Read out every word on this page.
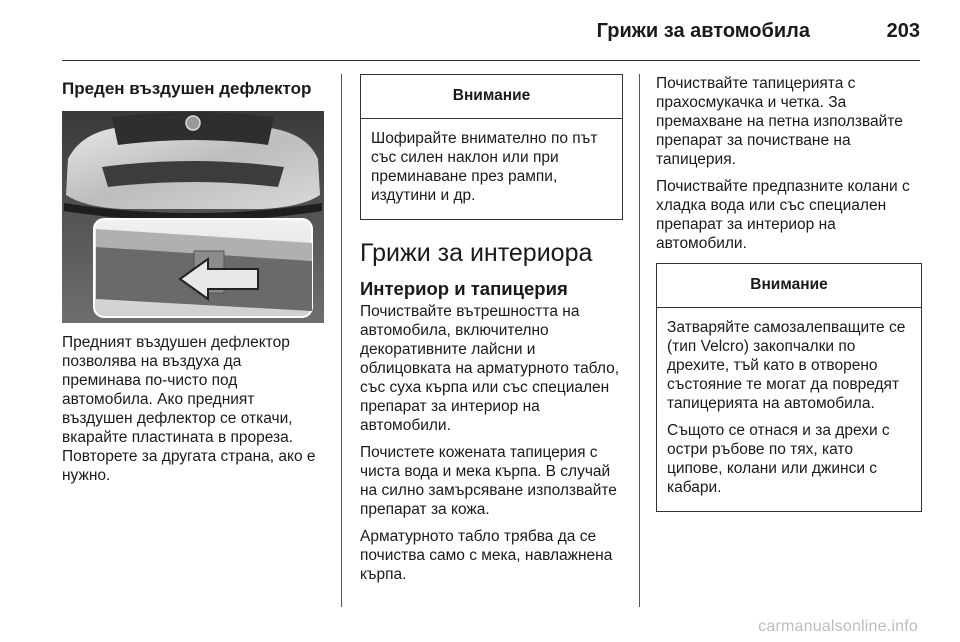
Грижи за автомобила	203
Преден въздушен дефлектор

Предният въздушен дефлектор позволява на въздуха да преминава по-чисто под автомобила. Ако предният въздушен дефлектор се откачи, вкарайте пластината в прореза. Повторете за другата страна, ако е нужно.

Внимание

Шофирайте внимателно по път със силен наклон или при преминаване през рампи, издутини и др.

Грижи за интериора
Интериор и тапицерия

Почиствайте вътрешността на автомобила, включително декоративните лайсни и облицовката на арматурното табло, със суха кърпа или със специален препарат за интериор на автомобили.

Почистете кожената тапицерия с чиста вода и мека кърпа. В случай на силно замърсяване използвайте препарат за кожа.

Арматурното табло трябва да се почиства само с мека, навлажнена кърпа.

Почиствайте тапицерията с прахосмукачка и четка. За премахване на петна използвайте препарат за почистване на тапицерия.

Почиствайте предпазните колани с хладка вода или със специален препарат за интериор на автомобили.

Внимание

Затваряйте самозалепващите се (тип Velcro) закопчалки по дрехите, тъй като в отворено състояние те могат да повредят тапицерията на автомобила.

Същото се отнася и за дрехи с остри ръбове по тях, като ципове, колани или джинси с кабари.

carmanualsonline.info
